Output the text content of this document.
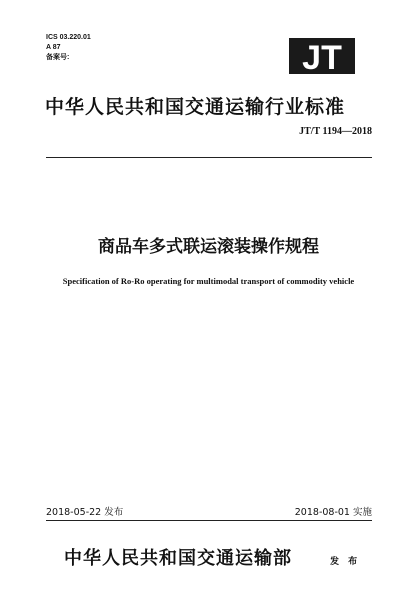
ICS 03.220.01
A 87
备案号:	JT
中华人民共和国交通运输行业标准
JT/T 1194—2018
商品车多式联运滚装操作规程
Specification of Ro-Ro operating for multimodal transport of commodity vehicle
2018-05-22 发布	2018-08-01 实施
中华人民共和国交通运输部	发 布
